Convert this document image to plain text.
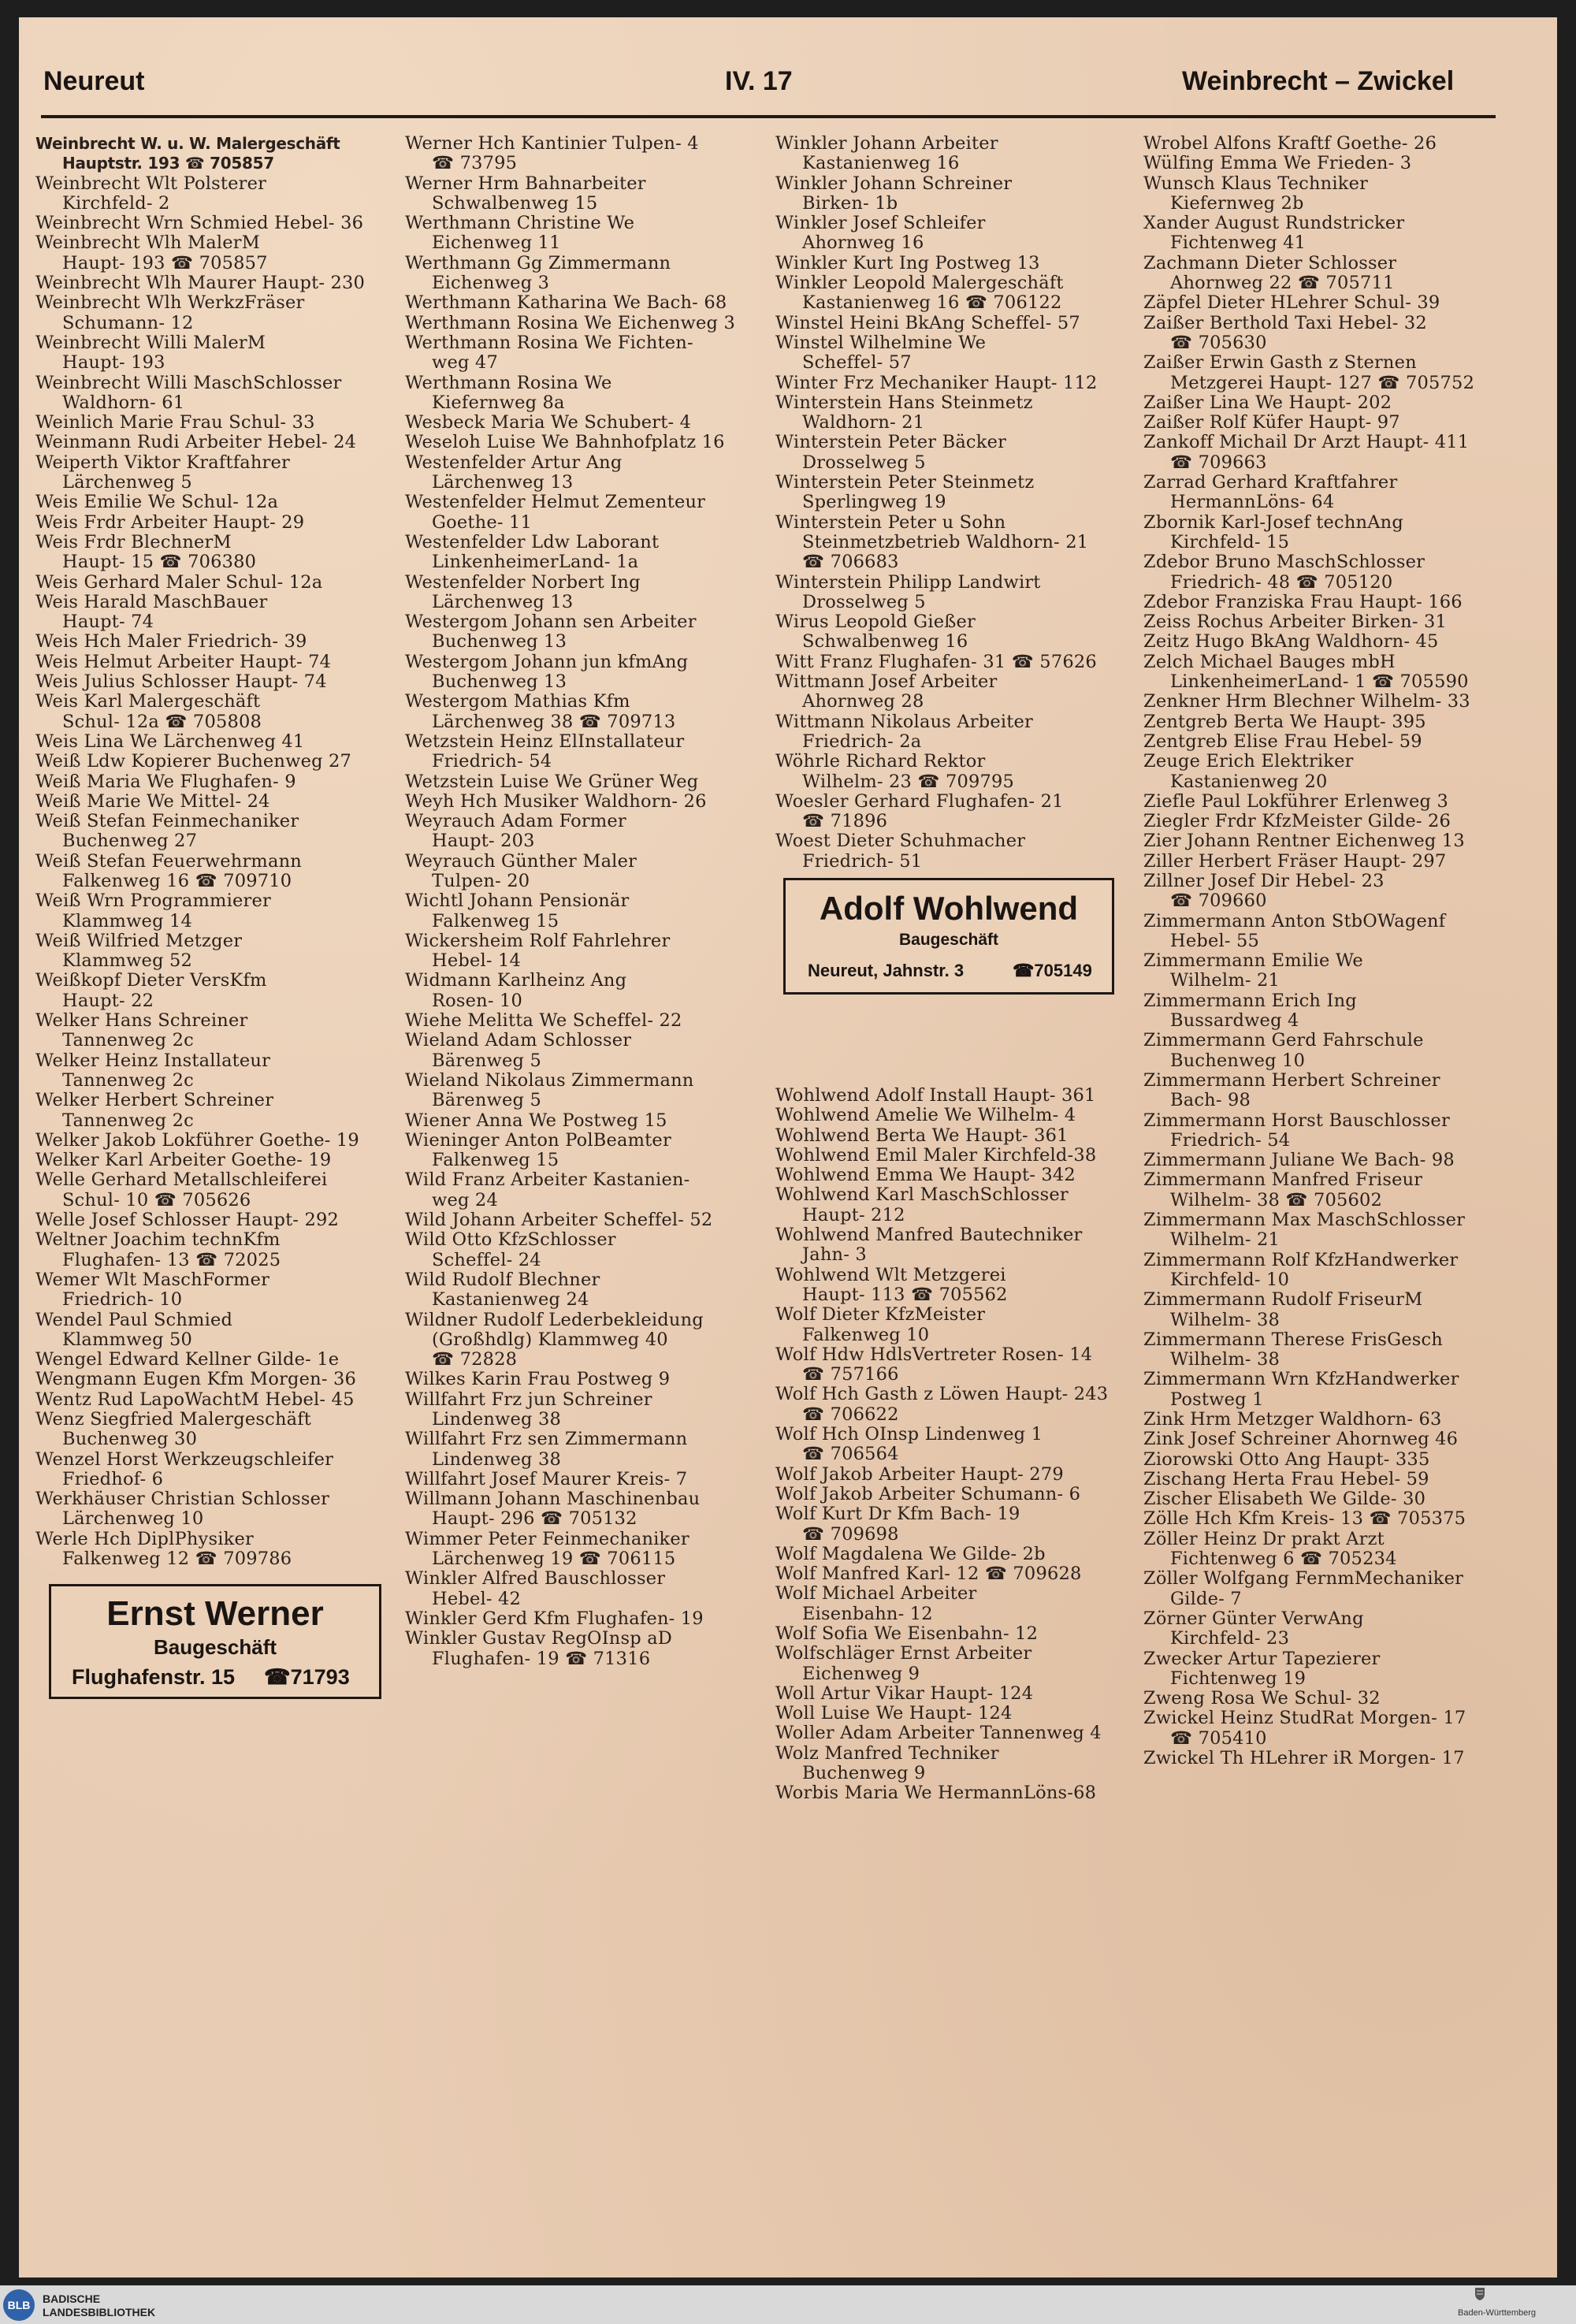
Neureut	IV. 17	Weinbrecht – Zwickel
Weinbrecht W. u. W. Malergeschäft
Hauptstr. 193 ☎ 705857
Weinbrecht Wlt Polsterer
Kirchfeld- 2
Weinbrecht Wrn Schmied Hebel- 36
Weinbrecht Wlh MalerM
Haupt- 193 ☎ 705857
Weinbrecht Wlh Maurer Haupt- 230
Weinbrecht Wlh WerkzFräser
Schumann- 12
Weinbrecht Willi MalerM
Haupt- 193
Weinbrecht Willi MaschSchlosser
Waldhorn- 61
Weinlich Marie Frau Schul- 33
Weinmann Rudi Arbeiter Hebel- 24
Weiperth Viktor Kraftfahrer
Lärchenweg 5
Weis Emilie We Schul- 12a
Weis Frdr Arbeiter Haupt- 29
Weis Frdr BlechnerM
Haupt- 15 ☎ 706380
Weis Gerhard Maler Schul- 12a
Weis Harald MaschBauer
Haupt- 74
Weis Hch Maler Friedrich- 39
Weis Helmut Arbeiter Haupt- 74
Weis Julius Schlosser Haupt- 74
Weis Karl Malergeschäft
Schul- 12a ☎ 705808
Weis Lina We Lärchenweg 41
Weiß Ldw Kopierer Buchenweg 27
Weiß Maria We Flughafen- 9
Weiß Marie We Mittel- 24
Weiß Stefan Feinmechaniker
Buchenweg 27
Weiß Stefan Feuerwehrmann
Falkenweg 16 ☎ 709710
Weiß Wrn Programmierer
Klammweg 14
Weiß Wilfried Metzger
Klammweg 52
Weißkopf Dieter VersKfm
Haupt- 22
Welker Hans Schreiner
Tannenweg 2c
Welker Heinz Installateur
Tannenweg 2c
Welker Herbert Schreiner
Tannenweg 2c
Welker Jakob Lokführer Goethe- 19
Welker Karl Arbeiter Goethe- 19
Welle Gerhard Metallschleiferei
Schul- 10 ☎ 705626
Welle Josef Schlosser Haupt- 292
Weltner Joachim technKfm
Flughafen- 13 ☎ 72025
Wemer Wlt MaschFormer
Friedrich- 10
Wendel Paul Schmied
Klammweg 50
Wengel Edward Kellner Gilde- 1e
Wengmann Eugen Kfm Morgen- 36
Wentz Rud LapoWachtM Hebel- 45
Wenz Siegfried Malergeschäft
Buchenweg 30
Wenzel Horst Werkzeugschleifer
Friedhof- 6
Werkhäuser Christian Schlosser
Lärchenweg 10
Werle Hch DiplPhysiker
Falkenweg 12 ☎ 709786
Werner Hch Kantinier Tulpen- 4
☎ 73795
Werner Hrm Bahnarbeiter
Schwalbenweg 15
Werthmann Christine We
Eichenweg 11
Werthmann Gg Zimmermann
Eichenweg 3
Werthmann Katharina We Bach- 68
Werthmann Rosina We Eichenweg 3
Werthmann Rosina We Fichten-
weg 47
Werthmann Rosina We
Kiefernweg 8a
Wesbeck Maria We Schubert- 4
Weseloh Luise We Bahnhofplatz 16
Westenfelder Artur Ang
Lärchenweg 13
Westenfelder Helmut Zementeur
Goethe- 11
Westenfelder Ldw Laborant
LinkenheimerLand- 1a
Westenfelder Norbert Ing
Lärchenweg 13
Westergom Johann sen Arbeiter
Buchenweg 13
Westergom Johann jun kfmAng
Buchenweg 13
Westergom Mathias Kfm
Lärchenweg 38 ☎ 709713
Wetzstein Heinz ElInstallateur
Friedrich- 54
Wetzstein Luise We Grüner Weg
Weyh Hch Musiker Waldhorn- 26
Weyrauch Adam Former
Haupt- 203
Weyrauch Günther Maler
Tulpen- 20
Wichtl Johann Pensionär
Falkenweg 15
Wickersheim Rolf Fahrlehrer
Hebel- 14
Widmann Karlheinz Ang
Rosen- 10
Wiehe Melitta We Scheffel- 22
Wieland Adam Schlosser
Bärenweg 5
Wieland Nikolaus Zimmermann
Bärenweg 5
Wiener Anna We Postweg 15
Wieninger Anton PolBeamter
Falkenweg 15
Wild Franz Arbeiter Kastanien-
weg 24
Wild Johann Arbeiter Scheffel- 52
Wild Otto KfzSchlosser
Scheffel- 24
Wild Rudolf Blechner
Kastanienweg 24
Wildner Rudolf Lederbekleidung
(Großhdlg) Klammweg 40
☎ 72828
Wilkes Karin Frau Postweg 9
Willfahrt Frz jun Schreiner
Lindenweg 38
Willfahrt Frz sen Zimmermann
Lindenweg 38
Willfahrt Josef Maurer Kreis- 7
Willmann Johann Maschinenbau
Haupt- 296 ☎ 705132
Wimmer Peter Feinmechaniker
Lärchenweg 19 ☎ 706115
Winkler Alfred Bauschlosser
Hebel- 42
Winkler Gerd Kfm Flughafen- 19
Winkler Gustav RegOInsp aD
Flughafen- 19 ☎ 71316
Winkler Johann Arbeiter
Kastanienweg 16
Winkler Johann Schreiner
Birken- 1b
Winkler Josef Schleifer
Ahornweg 16
Winkler Kurt Ing Postweg 13
Winkler Leopold Malergeschäft
Kastanienweg 16 ☎ 706122
Winstel Heini BkAng Scheffel- 57
Winstel Wilhelmine We
Scheffel- 57
Winter Frz Mechaniker Haupt- 112
Winterstein Hans Steinmetz
Waldhorn- 21
Winterstein Peter Bäcker
Drosselweg 5
Winterstein Peter Steinmetz
Sperlingweg 19
Winterstein Peter u Sohn
Steinmetzbetrieb Waldhorn- 21
☎ 706683
Winterstein Philipp Landwirt
Drosselweg 5
Wirus Leopold Gießer
Schwalbenweg 16
Witt Franz Flughafen- 31 ☎ 57626
Wittmann Josef Arbeiter
Ahornweg 28
Wittmann Nikolaus Arbeiter
Friedrich- 2a
Wöhrle Richard Rektor
Wilhelm- 23 ☎ 709795
Woesler Gerhard Flughafen- 21
☎ 71896
Woest Dieter Schuhmacher
Friedrich- 51
Wohlwend Adolf Install Haupt- 361
Wohlwend Amelie We Wilhelm- 4
Wohlwend Berta We Haupt- 361
Wohlwend Emil Maler Kirchfeld-38
Wohlwend Emma We Haupt- 342
Wohlwend Karl MaschSchlosser
Haupt- 212
Wohlwend Manfred Bautechniker
Jahn- 3
Wohlwend Wlt Metzgerei
Haupt- 113 ☎ 705562
Wolf Dieter KfzMeister
Falkenweg 10
Wolf Hdw HdlsVertreter Rosen- 14
☎ 757166
Wolf Hch Gasth z Löwen Haupt- 243
☎ 706622
Wolf Hch OInsp Lindenweg 1
☎ 706564
Wolf Jakob Arbeiter Haupt- 279
Wolf Jakob Arbeiter Schumann- 6
Wolf Kurt Dr Kfm Bach- 19
☎ 709698
Wolf Magdalena We Gilde- 2b
Wolf Manfred Karl- 12 ☎ 709628
Wolf Michael Arbeiter
Eisenbahn- 12
Wolf Sofia We Eisenbahn- 12
Wolfschläger Ernst Arbeiter
Eichenweg 9
Woll Artur Vikar Haupt- 124
Woll Luise We Haupt- 124
Woller Adam Arbeiter Tannenweg 4
Wolz Manfred Techniker
Buchenweg 9
Worbis Maria We HermannLöns-68
Wrobel Alfons Kraftf Goethe- 26
Wülfing Emma We Frieden- 3
Wunsch Klaus Techniker
Kiefernweg 2b
Xander August Rundstricker
Fichtenweg 41
Zachmann Dieter Schlosser
Ahornweg 22 ☎ 705711
Zäpfel Dieter HLehrer Schul- 39
Zaißer Berthold Taxi Hebel- 32
☎ 705630
Zaißer Erwin Gasth z Sternen
Metzgerei Haupt- 127 ☎ 705752
Zaißer Lina We Haupt- 202
Zaißer Rolf Küfer Haupt- 97
Zankoff Michail Dr Arzt Haupt- 411
☎ 709663
Zarrad Gerhard Kraftfahrer
HermannLöns- 64
Zbornik Karl-Josef technAng
Kirchfeld- 15
Zdebor Bruno MaschSchlosser
Friedrich- 48 ☎ 705120
Zdebor Franziska Frau Haupt- 166
Zeiss Rochus Arbeiter Birken- 31
Zeitz Hugo BkAng Waldhorn- 45
Zelch Michael Bauges mbH
LinkenheimerLand- 1 ☎ 705590
Zenkner Hrm Blechner Wilhelm- 33
Zentgreb Berta We Haupt- 395
Zentgreb Elise Frau Hebel- 59
Zeuge Erich Elektriker
Kastanienweg 20
Ziefle Paul Lokführer Erlenweg 3
Ziegler Frdr KfzMeister Gilde- 26
Zier Johann Rentner Eichenweg 13
Ziller Herbert Fräser Haupt- 297
Zillner Josef Dir Hebel- 23
☎ 709660
Zimmermann Anton StbOWagenf
Hebel- 55
Zimmermann Emilie We
Wilhelm- 21
Zimmermann Erich Ing
Bussardweg 4
Zimmermann Gerd Fahrschule
Buchenweg 10
Zimmermann Herbert Schreiner
Bach- 98
Zimmermann Horst Bauschlosser
Friedrich- 54
Zimmermann Juliane We Bach- 98
Zimmermann Manfred Friseur
Wilhelm- 38 ☎ 705602
Zimmermann Max MaschSchlosser
Wilhelm- 21
Zimmermann Rolf KfzHandwerker
Kirchfeld- 10
Zimmermann Rudolf FriseurM
Wilhelm- 38
Zimmermann Therese FrisGesch
Wilhelm- 38
Zimmermann Wrn KfzHandwerker
Postweg 1
Zink Hrm Metzger Waldhorn- 63
Zink Josef Schreiner Ahornweg 46
Ziorowski Otto Ang Haupt- 335
Zischang Herta Frau Hebel- 59
Zischer Elisabeth We Gilde- 30
Zölle Hch Kfm Kreis- 13 ☎ 705375
Zöller Heinz Dr prakt Arzt
Fichtenweg 6 ☎ 705234
Zöller Wolfgang FernmMechaniker
Gilde- 7
Zörner Günter VerwAng
Kirchfeld- 23
Zwecker Artur Tapezierer
Fichtenweg 19
Zweng Rosa We Schul- 32
Zwickel Heinz StudRat Morgen- 17
☎ 705410
Zwickel Th HLehrer iR Morgen- 17
Ernst Werner
Baugeschäft
Flughafenstr. 15 ☎71793
Adolf Wohlwend
Baugeschäft
Neureut, Jahnstr. 3	☎705149
BLB	BADISCHE
LANDESBIBLIOTHEK	Baden-Württemberg
